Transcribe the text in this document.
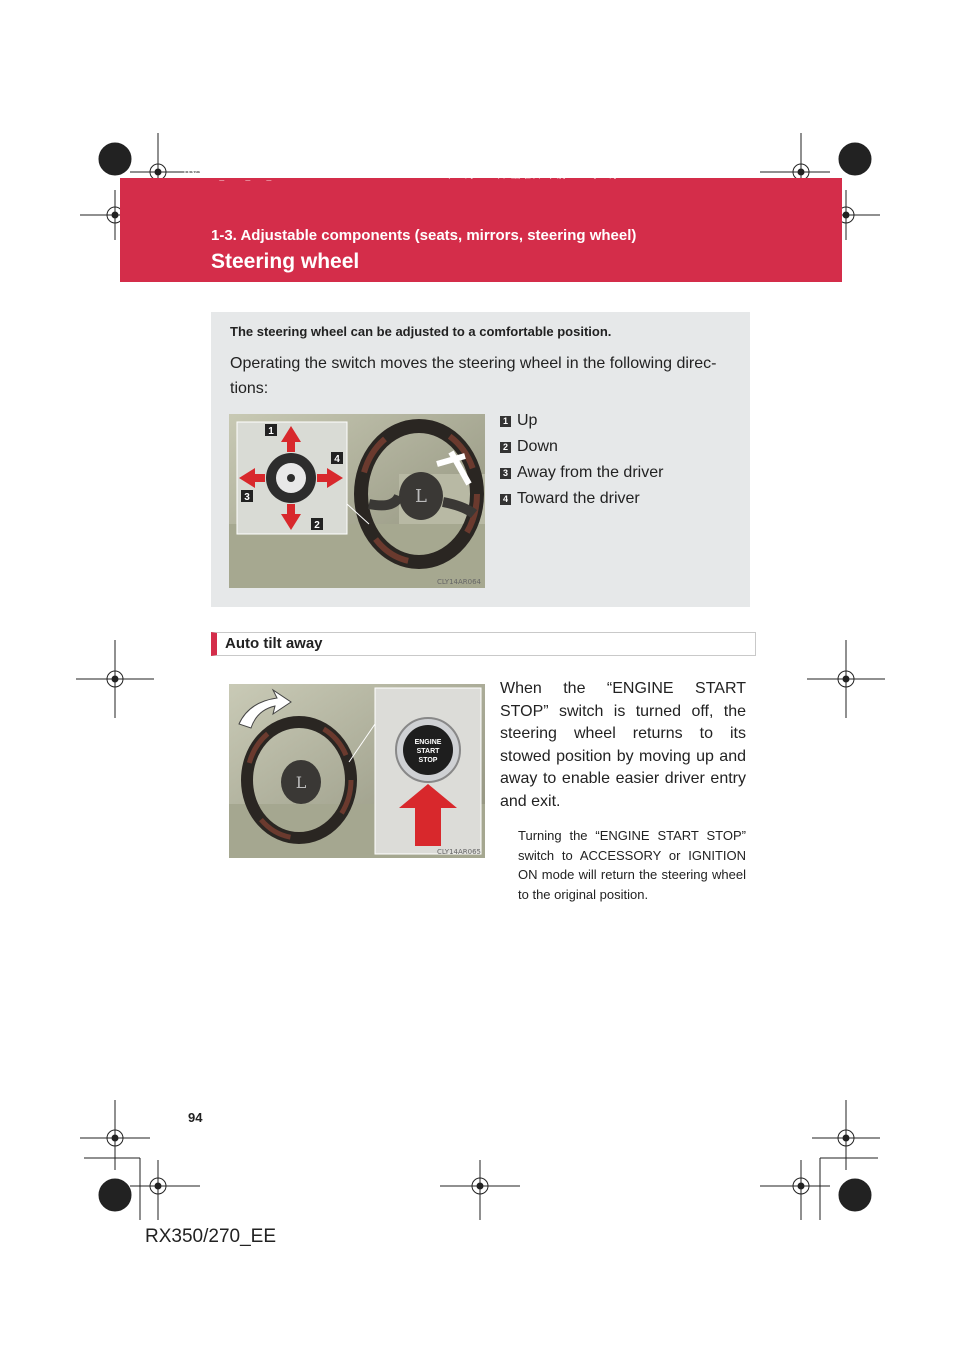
RX350_270_EE_48D77E.book 94 ページ ２０１４年１月２４日 金曜日 午前１０時４分
1-3. Adjustable components (seats, mirrors, steering wheel)
Steering wheel
The steering wheel can be adjusted to a comfortable position.
Operating the switch moves the steering wheel in the following direc-tions:
L
1
2
3
4
CLY14AR064
1 Up
2 Down
3 Away from the driver
4 Toward the driver
Auto tilt away
L
ENGINE
START
STOP
CLY14AR065
When the “ENGINE START STOP” switch is turned off, the steering wheel returns to its stowed position by moving up and away to enable easier driver entry and exit.
Turning the “ENGINE START STOP” switch to ACCESSORY or IGNITION ON mode will return the steering wheel to the original position.
94
RX350/270_EE
